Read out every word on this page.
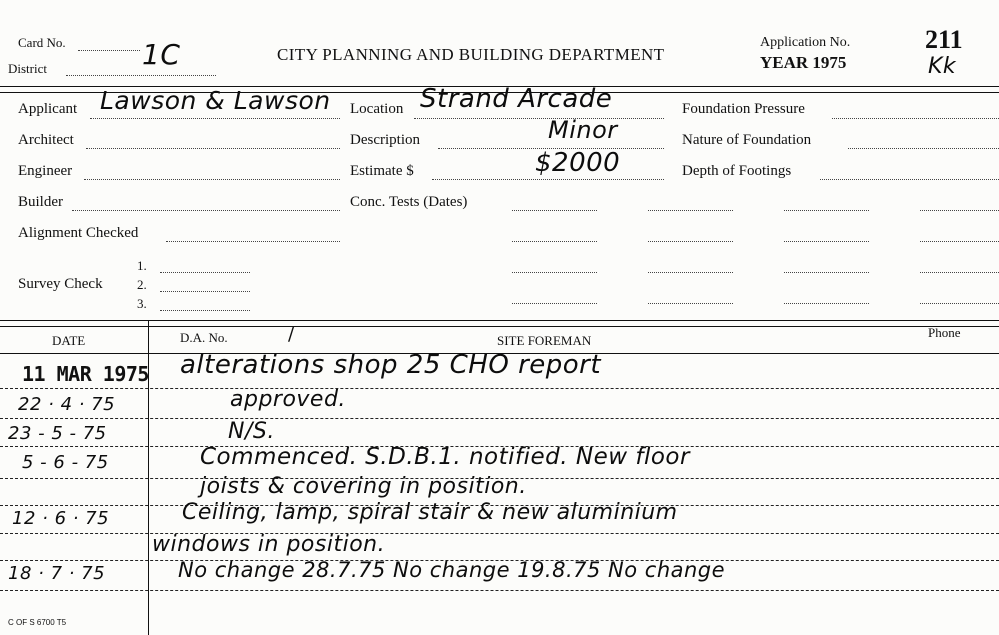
Card No.	1C
District
CITY PLANNING AND BUILDING DEPARTMENT
Application No.
YEAR 1975
211
Kk
Applicant Lawson & Lawson
Architect
Engineer
Builder
Alignment Checked
Survey Check
1.
2.
3.
Location Strand Arcade
Description	Minor
Estimate $	$2000
Conc. Tests (Dates)
Foundation Pressure
Nature of Foundation
Depth of Footings
DATE	D.A. No.	/	SITE FOREMAN
Phone
11 MAR 1975 alterations shop 25 CHO report
22 · 4 · 75	approved.
23 - 5 - 75	N/S.
5 - 6 - 75	Commenced. S.D.B.1. notified. New floor
joists & covering in position.
12 · 6 · 75	Ceiling, lamp, spiral stair & new aluminium
windows in position.
18 · 7 · 75	No change 28.7.75 No change 19.8.75 No change
C OF S 6700 T5
